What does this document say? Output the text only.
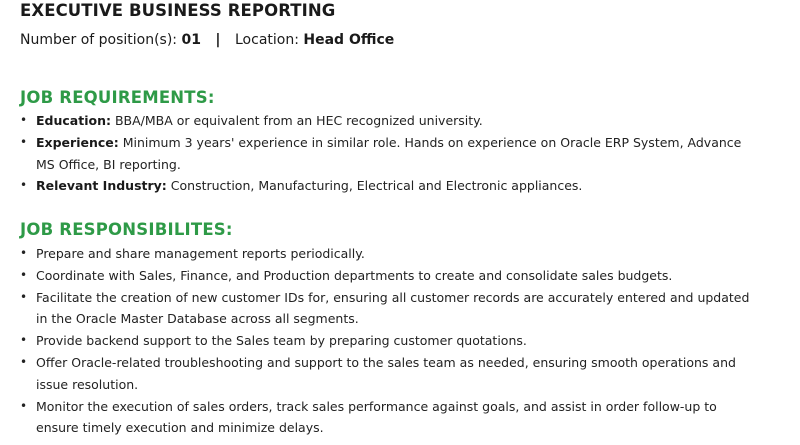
EXECUTIVE BUSINESS REPORTING
Number of position(s): 01 | Location: Head Office
JOB REQUIREMENTS:
• Education: BBA/MBA or equivalent from an HEC recognized university.
• Experience: Minimum 3 years' experience in similar role. Hands on experience on Oracle ERP System, Advance MS Office, BI reporting.
• Relevant Industry: Construction, Manufacturing, Electrical and Electronic appliances.
JOB RESPONSIBILITES:
• Prepare and share management reports periodically.
• Coordinate with Sales, Finance, and Production departments to create and consolidate sales budgets.
• Facilitate the creation of new customer IDs for, ensuring all customer records are accurately entered and updated in the Oracle Master Database across all segments.
• Provide backend support to the Sales team by preparing customer quotations.
• Offer Oracle-related troubleshooting and support to the sales team as needed, ensuring smooth operations and issue resolution.
• Monitor the execution of sales orders, track sales performance against goals, and assist in order follow-up to ensure timely execution and minimize delays.
